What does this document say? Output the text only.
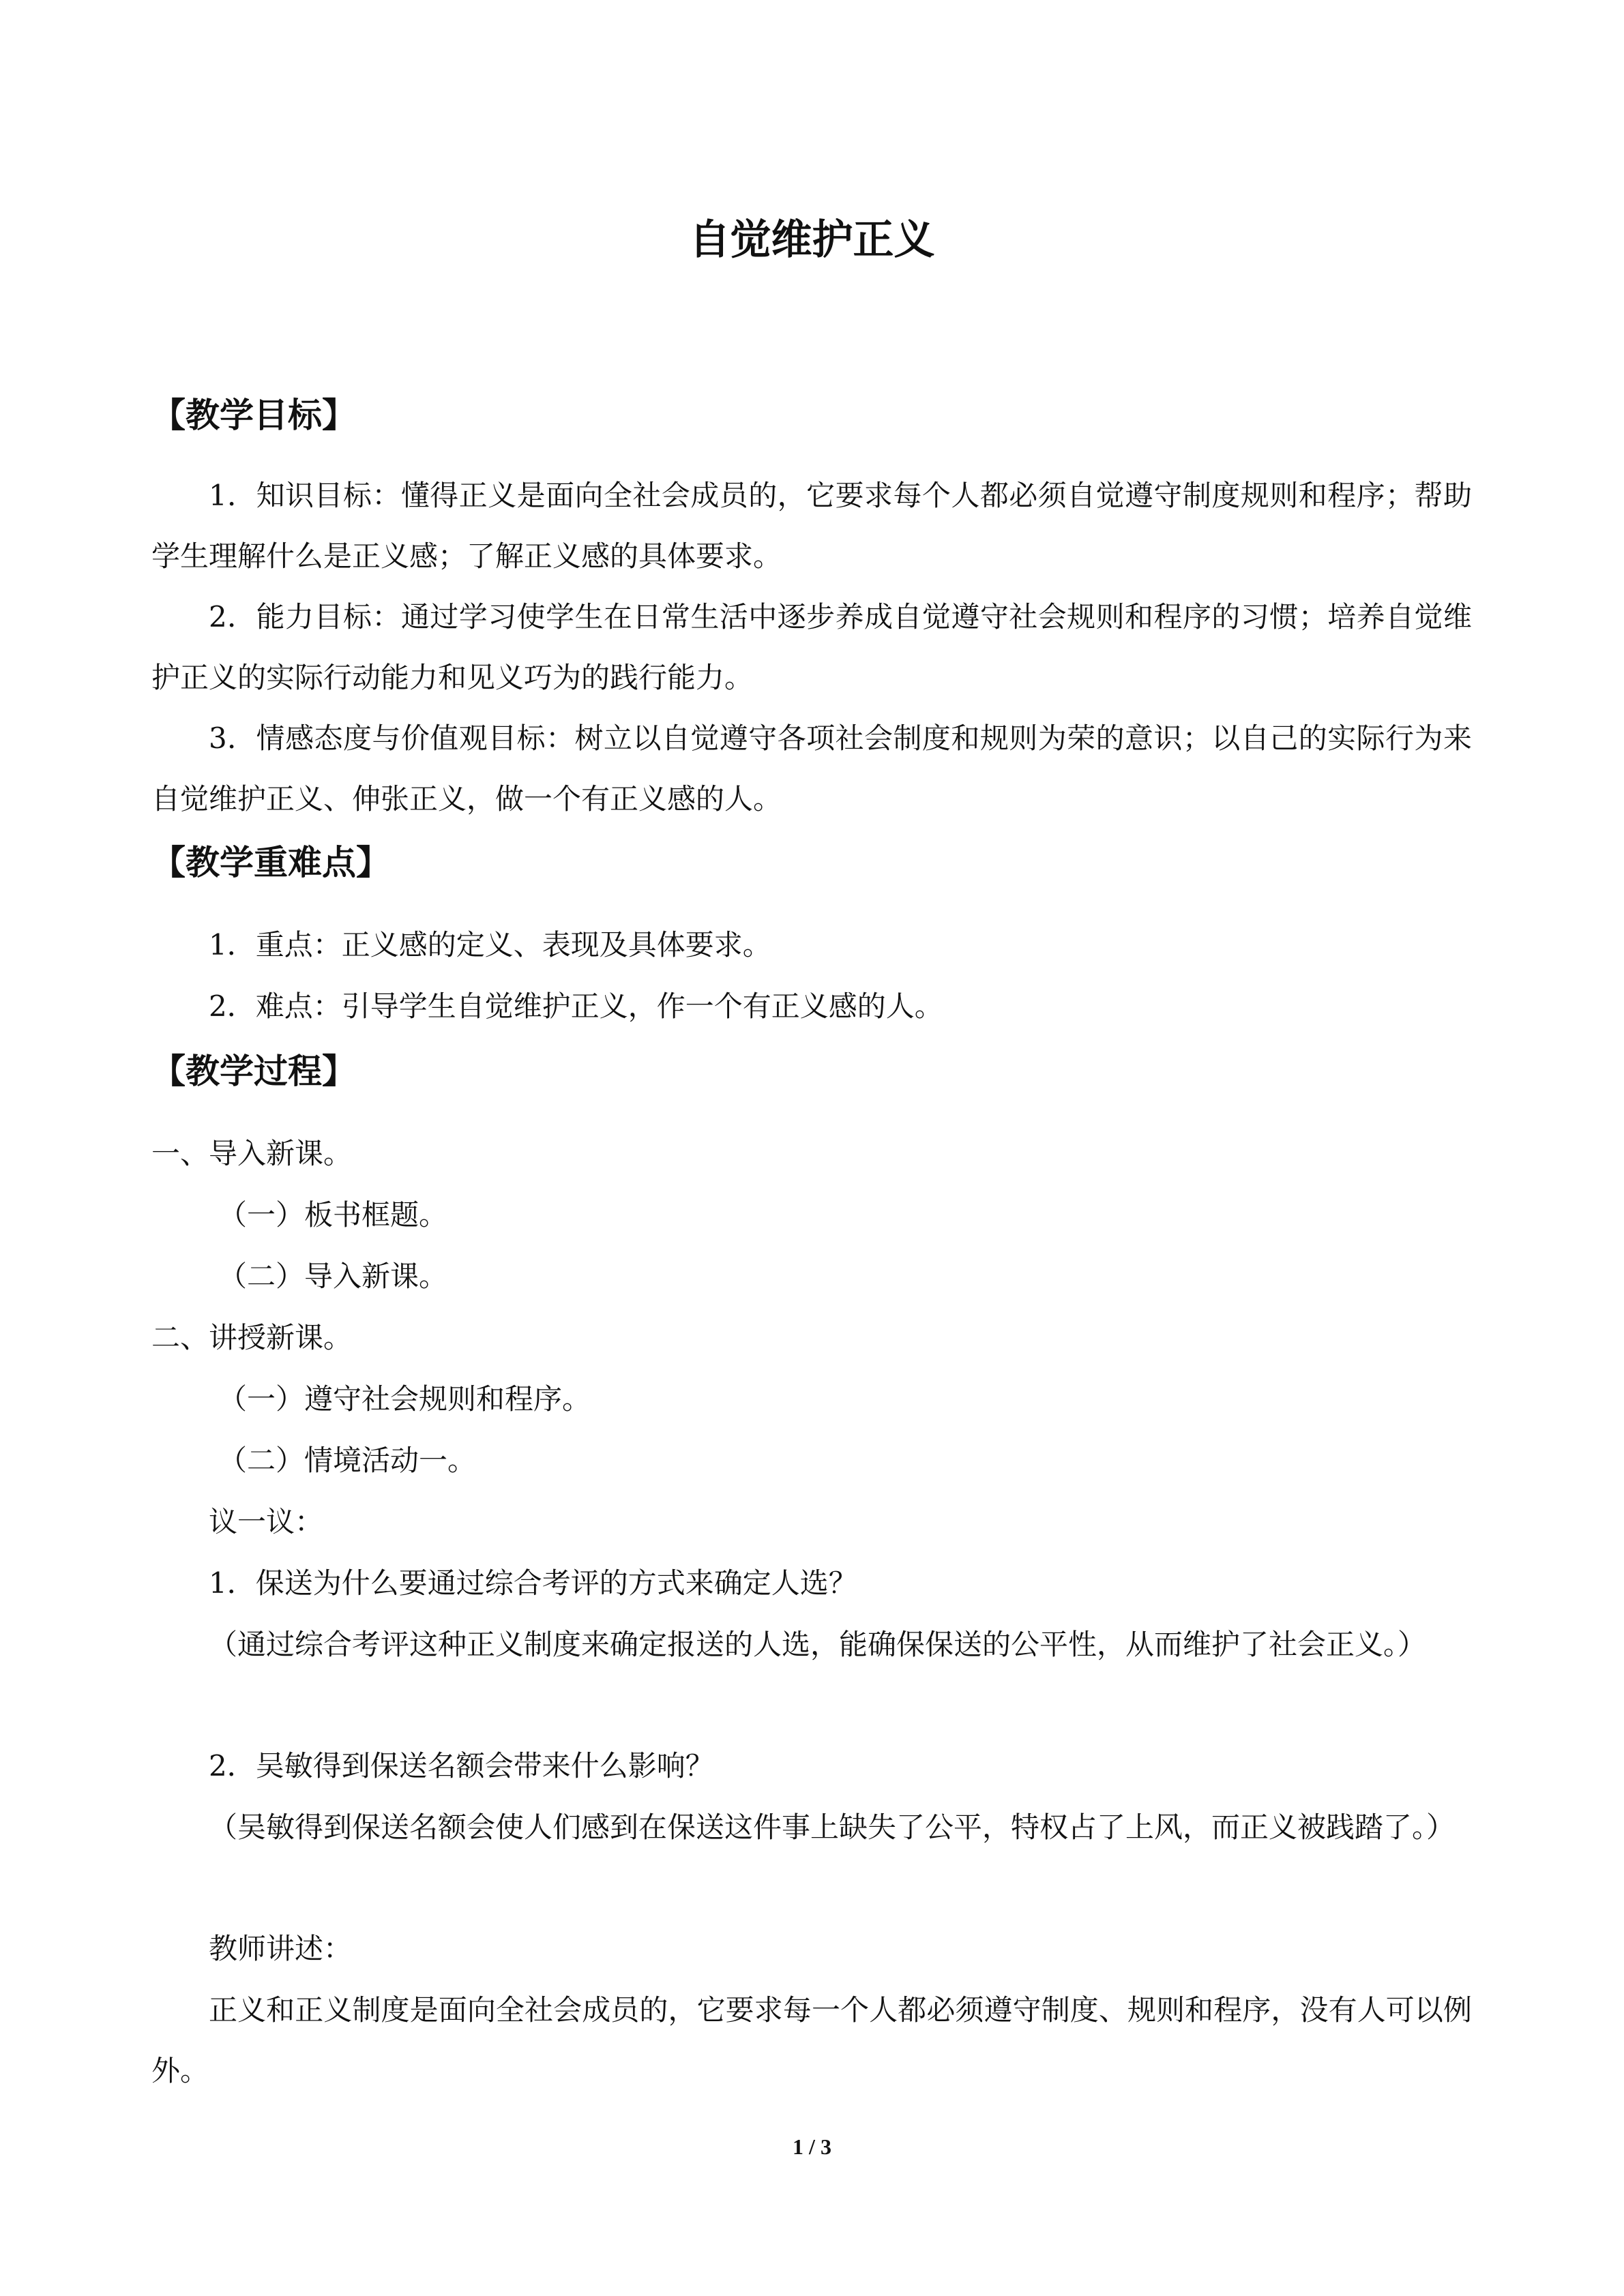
自觉维护正义
【教学目标】

1．知识目标：懂得正义是面向全社会成员的，它要求每个人都必须自觉遵守制度规则和程序；帮助学生理解什么是正义感；了解正义感的具体要求。

2．能力目标：通过学习使学生在日常生活中逐步养成自觉遵守社会规则和程序的习惯；培养自觉维护正义的实际行动能力和见义巧为的践行能力。

3．情感态度与价值观目标：树立以自觉遵守各项社会制度和规则为荣的意识；以自己的实际行为来自觉维护正义、伸张正义，做一个有正义感的人。

【教学重难点】

1．重点：正义感的定义、表现及具体要求。

2．难点：引导学生自觉维护正义，作一个有正义感的人。

【教学过程】

一、导入新课。

（一）板书框题。

（二）导入新课。

二、讲授新课。

（一）遵守社会规则和程序。

（二）情境活动一。

议一议：

1．保送为什么要通过综合考评的方式来确定人选？

（通过综合考评这种正义制度来确定报送的人选，能确保保送的公平性，从而维护了社会正义。）

2．吴敏得到保送名额会带来什么影响？

（吴敏得到保送名额会使人们感到在保送这件事上缺失了公平，特权占了上风，而正义被践踏了。）

教师讲述：

正义和正义制度是面向全社会成员的，它要求每一个人都必须遵守制度、规则和程序，没有人可以例外。

1 / 3
